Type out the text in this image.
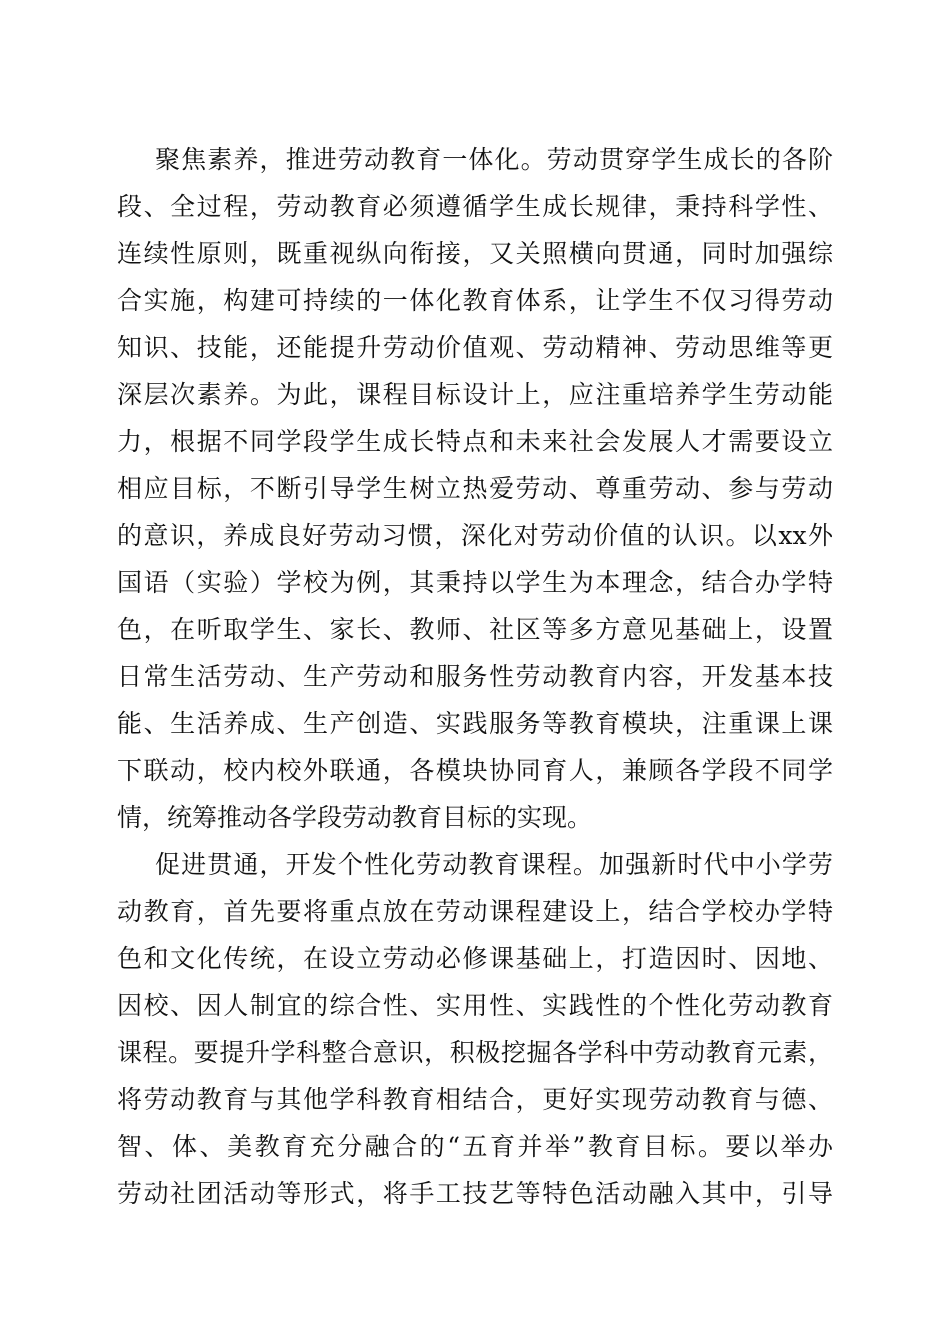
聚焦素养，推进劳动教育一体化。劳动贯穿学生成长的各阶
段、全过程，劳动教育必须遵循学生成长规律，秉持科学性、
连续性原则，既重视纵向衔接，又关照横向贯通，同时加强综
合实施，构建可持续的一体化教育体系，让学生不仅习得劳动
知识、技能，还能提升劳动价值观、劳动精神、劳动思维等更
深层次素养。为此，课程目标设计上，应注重培养学生劳动能
力，根据不同学段学生成长特点和未来社会发展人才需要设立
相应目标，不断引导学生树立热爱劳动、尊重劳动、参与劳动
的意识，养成良好劳动习惯，深化对劳动价值的认识。以xx外
国语（实验）学校为例，其秉持以学生为本理念，结合办学特
色，在听取学生、家长、教师、社区等多方意见基础上，设置
日常生活劳动、生产劳动和服务性劳动教育内容，开发基本技
能、生活养成、生产创造、实践服务等教育模块，注重课上课
下联动，校内校外联通，各模块协同育人，兼顾各学段不同学
情，统筹推动各学段劳动教育目标的实现。
促进贯通，开发个性化劳动教育课程。加强新时代中小学劳
动教育，首先要将重点放在劳动课程建设上，结合学校办学特
色和文化传统，在设立劳动必修课基础上，打造因时、因地、
因校、因人制宜的综合性、实用性、实践性的个性化劳动教育
课程。要提升学科整合意识，积极挖掘各学科中劳动教育元素，
将劳动教育与其他学科教育相结合，更好实现劳动教育与德、
智、体、美教育充分融合的“五育并举”教育目标。要以举办
劳动社团活动等形式，将手工技艺等特色活动融入其中，引导
